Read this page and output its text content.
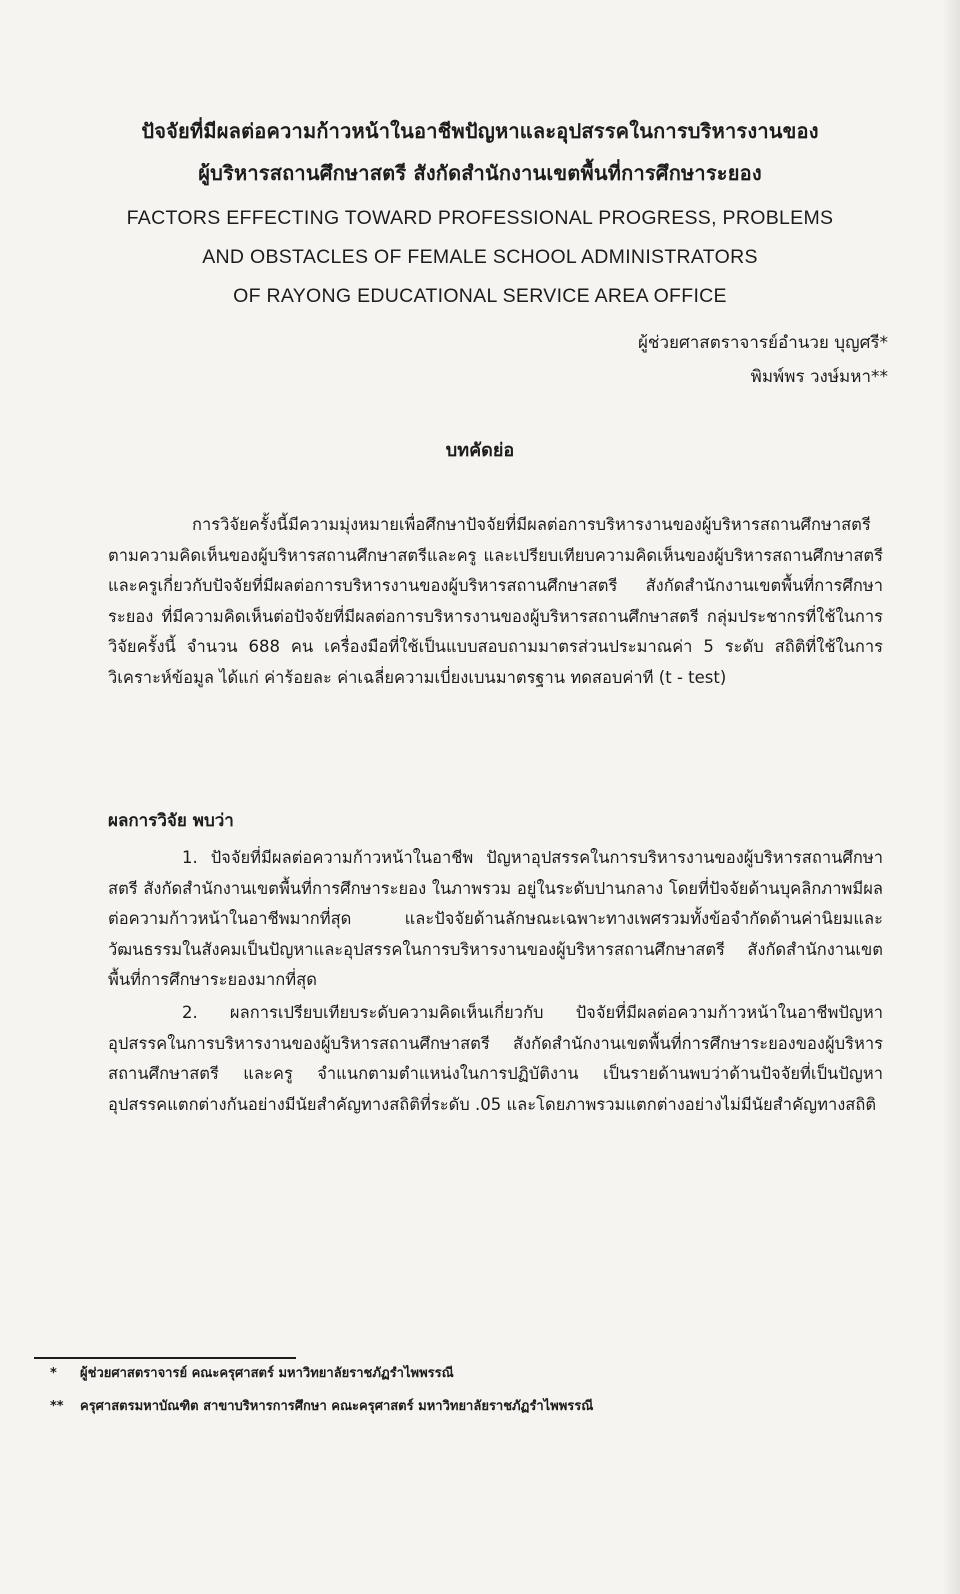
ปัจจัยที่มีผลต่อความก้าวหน้าในอาชีพปัญหาและอุปสรรคในการบริหารงานของ
ผู้บริหารสถานศึกษาสตรี สังกัดสำนักงานเขตพื้นที่การศึกษาระยอง
FACTORS EFFECTING TOWARD PROFESSIONAL PROGRESS, PROBLEMS
AND OBSTACLES OF FEMALE SCHOOL ADMINISTRATORS
OF RAYONG EDUCATIONAL SERVICE AREA OFFICE
ผู้ช่วยศาสตราจารย์อำนวย บุญศรี*
พิมพ์พร วงษ์มหา**
บทคัดย่อ

การวิจัยครั้งนี้มีความมุ่งหมายเพื่อศึกษาปัจจัยที่มีผลต่อการบริหารงานของผู้บริหารสถานศึกษาสตรีตามความคิดเห็นของผู้บริหารสถานศึกษาสตรีและครู และเปรียบเทียบความคิดเห็นของผู้บริหารสถานศึกษาสตรีและครูเกี่ยวกับปัจจัยที่มีผลต่อการบริหารงานของผู้บริหารสถานศึกษาสตรี สังกัดสำนักงานเขตพื้นที่การศึกษาระยอง ที่มีความคิดเห็นต่อปัจจัยที่มีผลต่อการบริหารงานของผู้บริหารสถานศึกษาสตรี กลุ่มประชากรที่ใช้ในการวิจัยครั้งนี้ จำนวน 688 คน เครื่องมือที่ใช้เป็นแบบสอบถามมาตรส่วนประมาณค่า 5 ระดับ สถิติที่ใช้ในการวิเคราะห์ข้อมูล ได้แก่ ค่าร้อยละ ค่าเฉลี่ยความเบี่ยงเบนมาตรฐาน ทดสอบค่าที (t - test)

ผลการวิจัย พบว่า

1. ปัจจัยที่มีผลต่อความก้าวหน้าในอาชีพ ปัญหาอุปสรรคในการบริหารงานของผู้บริหารสถานศึกษาสตรี สังกัดสำนักงานเขตพื้นที่การศึกษาระยอง ในภาพรวม อยู่ในระดับปานกลาง โดยที่ปัจจัยด้านบุคลิกภาพมีผลต่อความก้าวหน้าในอาชีพมากที่สุด และปัจจัยด้านลักษณะเฉพาะทางเพศรวมทั้งข้อจำกัดด้านค่านิยมและวัฒนธรรมในสังคมเป็นปัญหาและอุปสรรคในการบริหารงานของผู้บริหารสถานศึกษาสตรี สังกัดสำนักงานเขตพื้นที่การศึกษาระยองมากที่สุด

2. ผลการเปรียบเทียบระดับความคิดเห็นเกี่ยวกับ ปัจจัยที่มีผลต่อความก้าวหน้าในอาชีพปัญหาอุปสรรคในการบริหารงานของผู้บริหารสถานศึกษาสตรี สังกัดสำนักงานเขตพื้นที่การศึกษาระยองของผู้บริหารสถานศึกษาสตรี และครู จำแนกตามตำแหน่งในการปฏิบัติงาน เป็นรายด้านพบว่าด้านปัจจัยที่เป็นปัญหาอุปสรรคแตกต่างกันอย่างมีนัยสำคัญทางสถิติที่ระดับ .05 และโดยภาพรวมแตกต่างอย่างไม่มีนัยสำคัญทางสถิติ

* ผู้ช่วยศาสตราจารย์ คณะครุศาสตร์ มหาวิทยาลัยราชภัฏรำไพพรรณี
** ครุศาสตรมหาบัณฑิต สาขาบริหารการศึกษา คณะครุศาสตร์ มหาวิทยาลัยราชภัฏรำไพพรรณี
